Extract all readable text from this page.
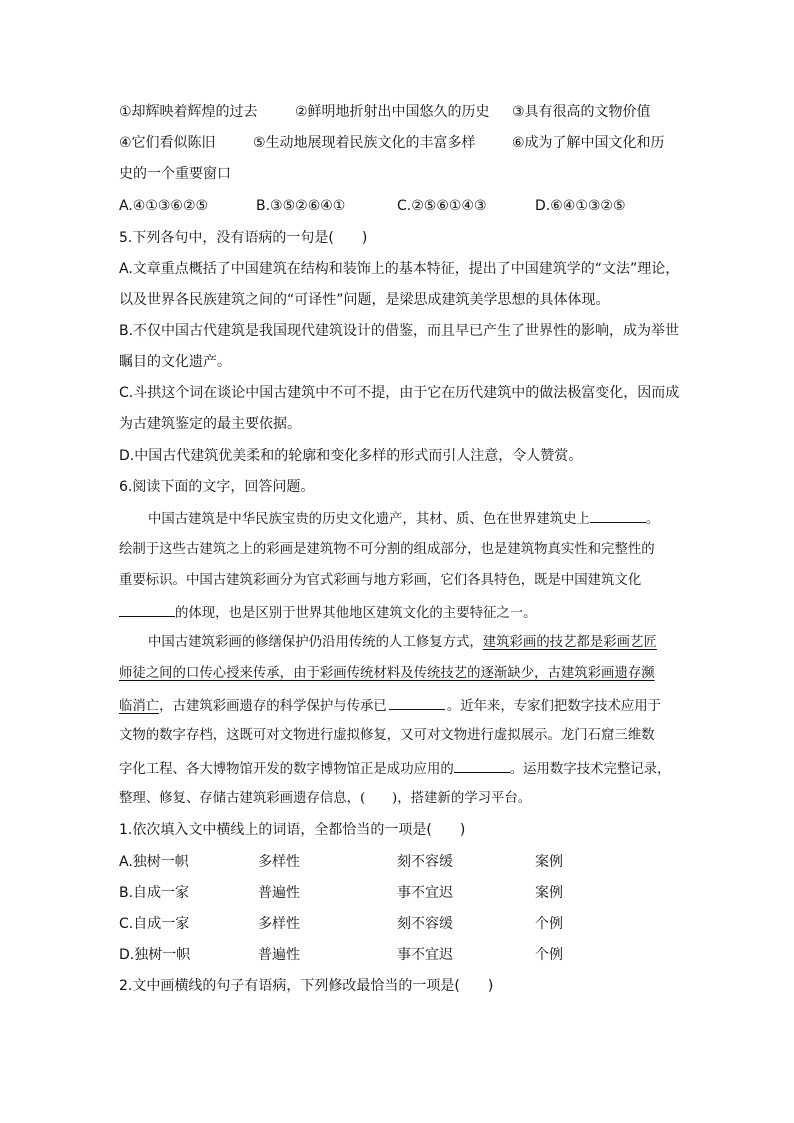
①却辉映着辉煌的过去	②鲜明地折射出中国悠久的历史 ③具有很高的文物价值
④它们看似陈旧	⑤生动地展现着民族文化的丰富多样	⑥成为了解中国文化和历
史的一个重要窗口
A.④①③⑥②⑤	B.③⑤②⑥④①	C.②⑤⑥①④③	D.⑥④①③②⑤
5.下列各句中，没有语病的一句是(　　)
A.文章重点概括了中国建筑在结构和装饰上的基本特征，提出了中国建筑学的“文法”理论，
以及世界各民族建筑之间的“可译性”问题，是梁思成建筑美学思想的具体体现。
B.不仅中国古代建筑是我国现代建筑设计的借鉴，而且早已产生了世界性的影响，成为举世
瞩目的文化遗产。
C.斗拱这个词在谈论中国古建筑中不可不提，由于它在历代建筑中的做法极富变化，因而成
为古建筑鉴定的最主要依据。
D.中国古代建筑优美柔和的轮廓和变化多样的形式而引人注意，令人赞赏。
6.阅读下面的文字，回答问题。
中国古建筑是中华民族宝贵的历史文化遗产，其材、质、色在世界建筑史上	。
绘制于这些古建筑之上的彩画是建筑物不可分割的组成部分，也是建筑物真实性和完整性的
重要标识。中国古建筑彩画分为官式彩画与地方彩画，它们各具特色，既是中国建筑文化
的体现，也是区别于世界其他地区建筑文化的主要特征之一。
中国古建筑彩画的修缮保护仍沿用传统的人工修复方式，建筑彩画的技艺都是彩画艺匠
师徒之间的口传心授来传承，由于彩画传统材料及传统技艺的逐渐缺少，古建筑彩画遗存濒
临消亡，古建筑彩画遗存的科学保护与传承已	。近年来，专家们把数字技术应用于
文物的数字存档，这既可对文物进行虚拟修复，又可对文物进行虚拟展示。龙门石窟三维数
字化工程、各大博物馆开发的数字博物馆正是成功应用的	。运用数字技术完整记录，
整理、修复、存储古建筑彩画遗存信息，(　　)，搭建新的学习平台。
1.依次填入文中横线上的词语，全都恰当的一项是(　　)
A.独树一帜	多样性	刻不容缓	案例
B.自成一家	普遍性	事不宜迟	案例
C.自成一家	多样性	刻不容缓	个例
D.独树一帜	普遍性	事不宜迟	个例
2.文中画横线的句子有语病，下列修改最恰当的一项是(　　)
